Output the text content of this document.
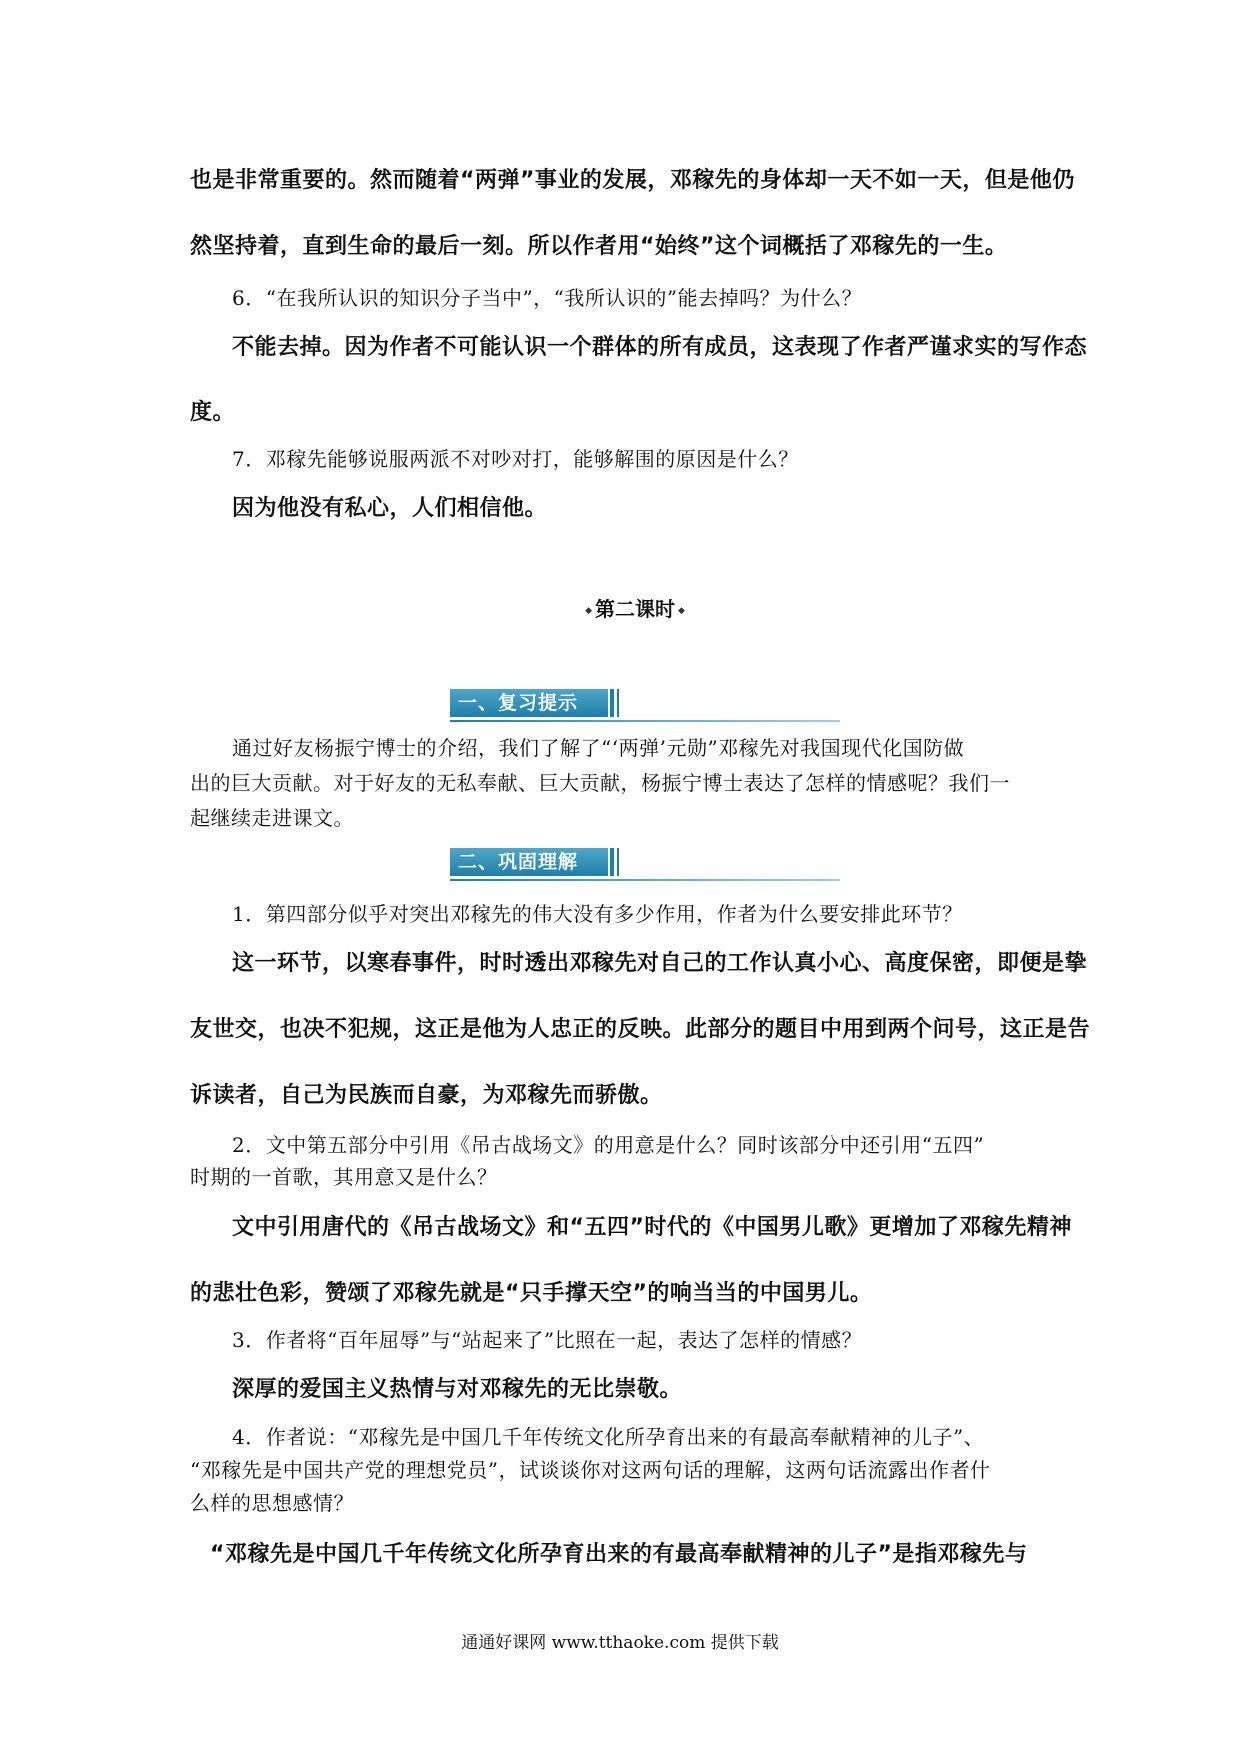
也是非常重要的。然而随着“两弹”事业的发展，邓稼先的身体却一天不如一天，但是他仍
然坚持着，直到生命的最后一刻。所以作者用“始终”这个词概括了邓稼先的一生。
6．“在我所认识的知识分子当中”，“我所认识的”能去掉吗？为什么？
不能去掉。因为作者不可能认识一个群体的所有成员，这表现了作者严谨求实的写作态
度。
7．邓稼先能够说服两派不对吵对打，能够解围的原因是什么？
因为他没有私心，人们相信他。
◆ 第二课时 ◆
一、复习提示
通过好友杨振宁博士的介绍，我们了解了“‘两弹’元勋”邓稼先对我国现代化国防做
出的巨大贡献。对于好友的无私奉献、巨大贡献，杨振宁博士表达了怎样的情感呢？我们一
起继续走进课文。
二、巩固理解
1．第四部分似乎对突出邓稼先的伟大没有多少作用，作者为什么要安排此环节？
这一环节，以寒春事件，时时透出邓稼先对自己的工作认真小心、高度保密，即便是挚
友世交，也决不犯规，这正是他为人忠正的反映。此部分的题目中用到两个问号，这正是告
诉读者，自己为民族而自豪，为邓稼先而骄傲。
2．文中第五部分中引用《吊古战场文》的用意是什么？同时该部分中还引用“五四”
时期的一首歌，其用意又是什么？
文中引用唐代的《吊古战场文》和“五四”时代的《中国男儿歌》更增加了邓稼先精神
的悲壮色彩，赞颂了邓稼先就是“只手撑天空”的响当当的中国男儿。
3．作者将“百年屈辱”与“站起来了”比照在一起，表达了怎样的情感？
深厚的爱国主义热情与对邓稼先的无比崇敬。
4．作者说：“邓稼先是中国几千年传统文化所孕育出来的有最高奉献精神的儿子”、
“邓稼先是中国共产党的理想党员”，试谈谈你对这两句话的理解，这两句话流露出作者什
么样的思想感情？
“邓稼先是中国几千年传统文化所孕育出来的有最高奉献精神的儿子”是指邓稼先与
通通好课网 www.tthaoke.com 提供下载
